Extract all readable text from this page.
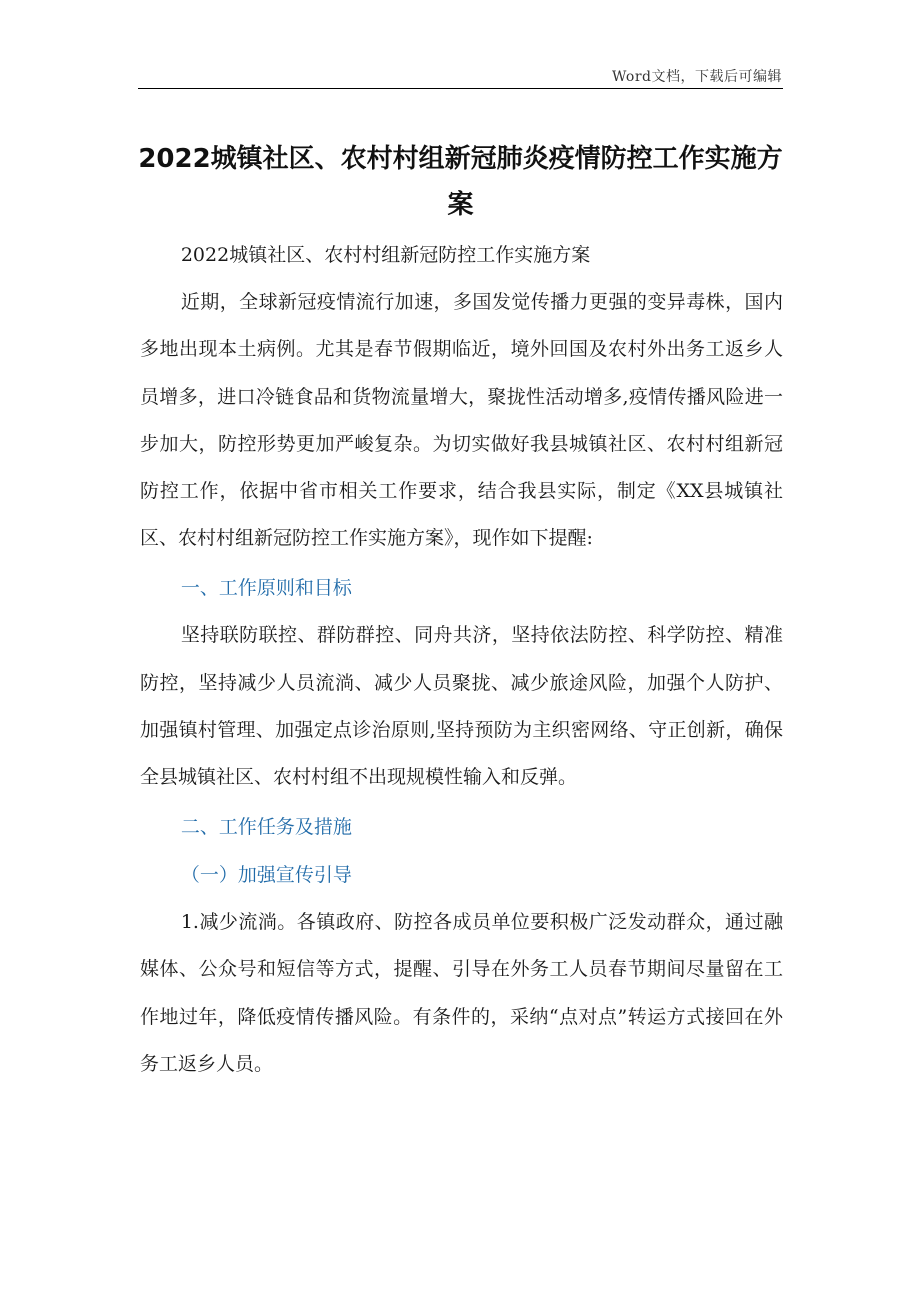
Word文档，下载后可编辑
2022城镇社区、农村村组新冠肺炎疫情防控工作实施方案

2022城镇社区、农村村组新冠防控工作实施方案

近期，全球新冠疫情流行加速，多国发觉传播力更强的变异毒株，国内多地出现本土病例。尤其是春节假期临近，境外回国及农村外出务工返乡人员增多，进口冷链食品和货物流量增大，聚拢性活动增多,疫情传播风险进一步加大，防控形势更加严峻复杂。为切实做好我县城镇社区、农村村组新冠防控工作，依据中省市相关工作要求，结合我县实际，制定《XX县城镇社区、农村村组新冠防控工作实施方案》，现作如下提醒:

一、工作原则和目标

坚持联防联控、群防群控、同舟共济，坚持依法防控、科学防控、精准防控，坚持减少人员流淌、减少人员聚拢、减少旅途风险，加强个人防护、加强镇村管理、加强定点诊治原则,坚持预防为主织密网络、守正创新，确保全县城镇社区、农村村组不出现规模性输入和反弹。

二、工作任务及措施

（一）加强宣传引导

1.减少流淌。各镇政府、防控各成员单位要积极广泛发动群众，通过融媒体、公众号和短信等方式，提醒、引导在外务工人员春节期间尽量留在工作地过年，降低疫情传播风险。有条件的，采纳“点对点”转运方式接回在外务工返乡人员。
